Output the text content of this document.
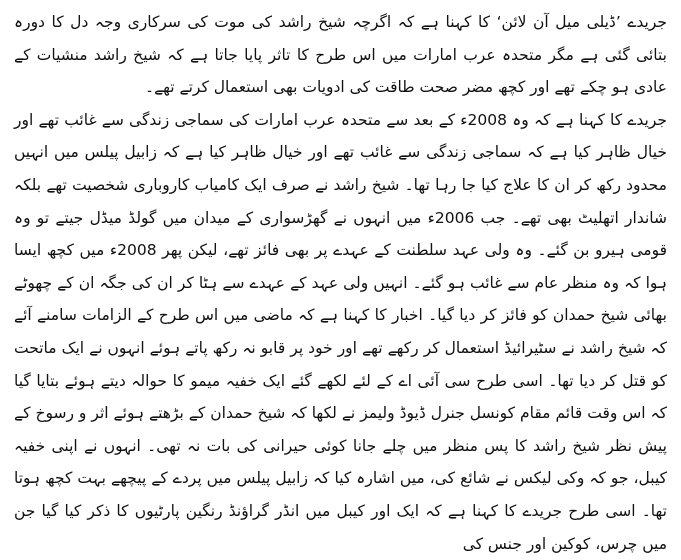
جریدے ’ڈیلی میل آن لائن‘ کا کہنا ہے کہ اگرچہ شیخ راشد کی موت کی سرکاری وجہ دل کا دورہ بتائی گئی ہے مگر متحدہ عرب امارات میں اس طرح کا تاثر پایا جاتا ہے کہ شیخ راشد منشیات کے عادی ہو چکے تھے اور کچھ مضر صحت طاقت کی ادویات بھی استعمال کرتے تھے۔

جریدے کا کہنا ہے کہ وہ 2008ء کے بعد سے متحدہ عرب امارات کی سماجی زندگی سے غائب تھے اور خیال ظاہر کیا ہے کہ سماجی زندگی سے غائب تھے اور خیال ظاہر کیا ہے کہ زابیل پیلس میں انہیں محدود رکھ کر ان کا علاج کیا جا رہا تھا۔ شیخ راشد نے صرف ایک کامیاب کاروباری شخصیت تھے بلکہ شاندار اتھلیٹ بھی تھے۔ جب 2006ء میں انہوں نے گھڑسواری کے میدان میں گولڈ میڈل جیتے تو وہ قومی ہیرو بن گئے۔ وہ ولی عہد سلطنت کے عہدے پر بھی فائز تھے، لیکن پھر 2008ء میں کچھ ایسا ہوا کہ وہ منظر عام سے غائب ہو گئے۔ انہیں ولی عہد کے عہدے سے ہٹا کر ان کی جگہ ان کے چھوٹے بھائی شیخ حمدان کو فائز کر دیا گیا۔ اخبار کا کہنا ہے کہ ماضی میں اس طرح کے الزامات سامنے آئے کہ شیخ راشد نے سٹیرائیڈ استعمال کر رکھے تھے اور خود پر قابو نہ رکھ پاتے ہوئے انہوں نے ایک ماتحت کو قتل کر دیا تھا۔ اسی طرح سی آئی اے کے لئے لکھے گئے ایک خفیہ میمو کا حوالہ دیتے ہوئے بتایا گیا کہ اس وقت قائم مقام کونسل جنرل ڈیوڈ ولیمز نے لکھا کہ شیخ حمدان کے بڑھتے ہوئے اثر و رسوخ کے پیش نظر شیخ راشد کا پس منظر میں چلے جانا کوئی حیرانی کی بات نہ تھی۔ انہوں نے اپنی خفیہ کیبل، جو کہ وکی لیکس نے شائع کی، میں اشارہ کیا کہ زابیل پیلس میں پردے کے پیچھے بہت کچھ ہوتا تھا۔ اسی طرح جریدے کا کہنا ہے کہ ایک اور کیبل میں انڈر گراؤنڈ رنگین پارٹیوں کا ذکر کیا گیا جن میں چرس، کوکین اور جنس کی
